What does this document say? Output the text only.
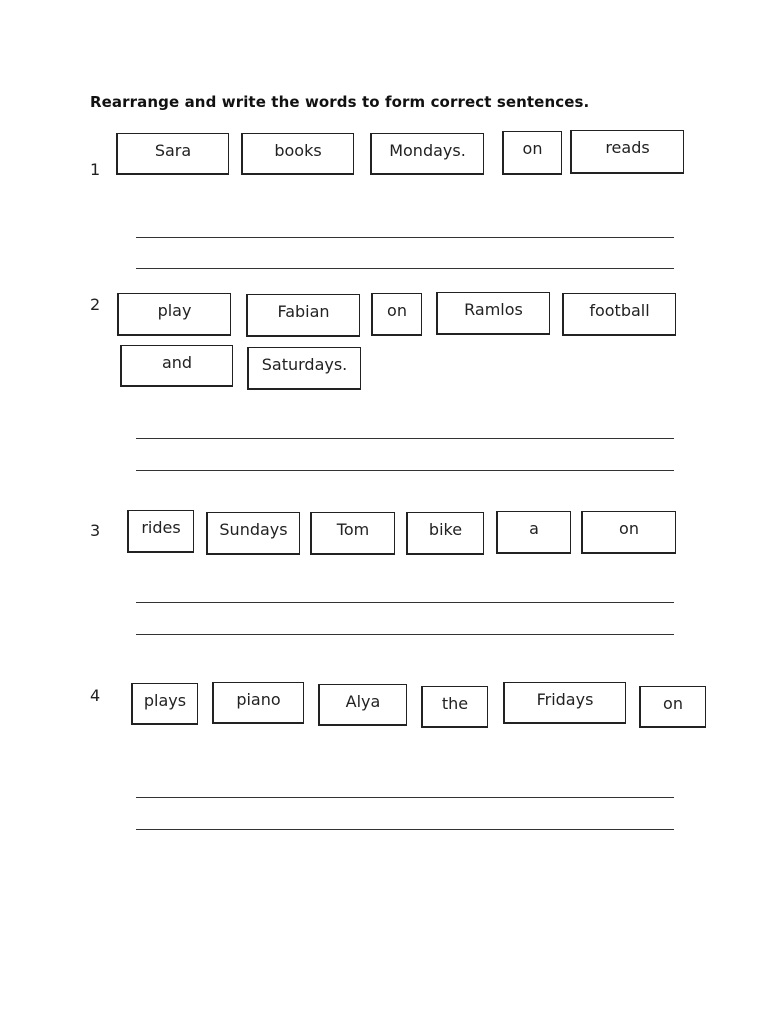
Rearrange and write the words to form correct sentences.
1
Sara	books	Mondays.	on	reads
2	play	Fabian	on	Ramlos	football
and	Saturdays.
3	rides	Sundays	Tom	bike	a	on
4	plays	piano	Alya	the	Fridays	on
